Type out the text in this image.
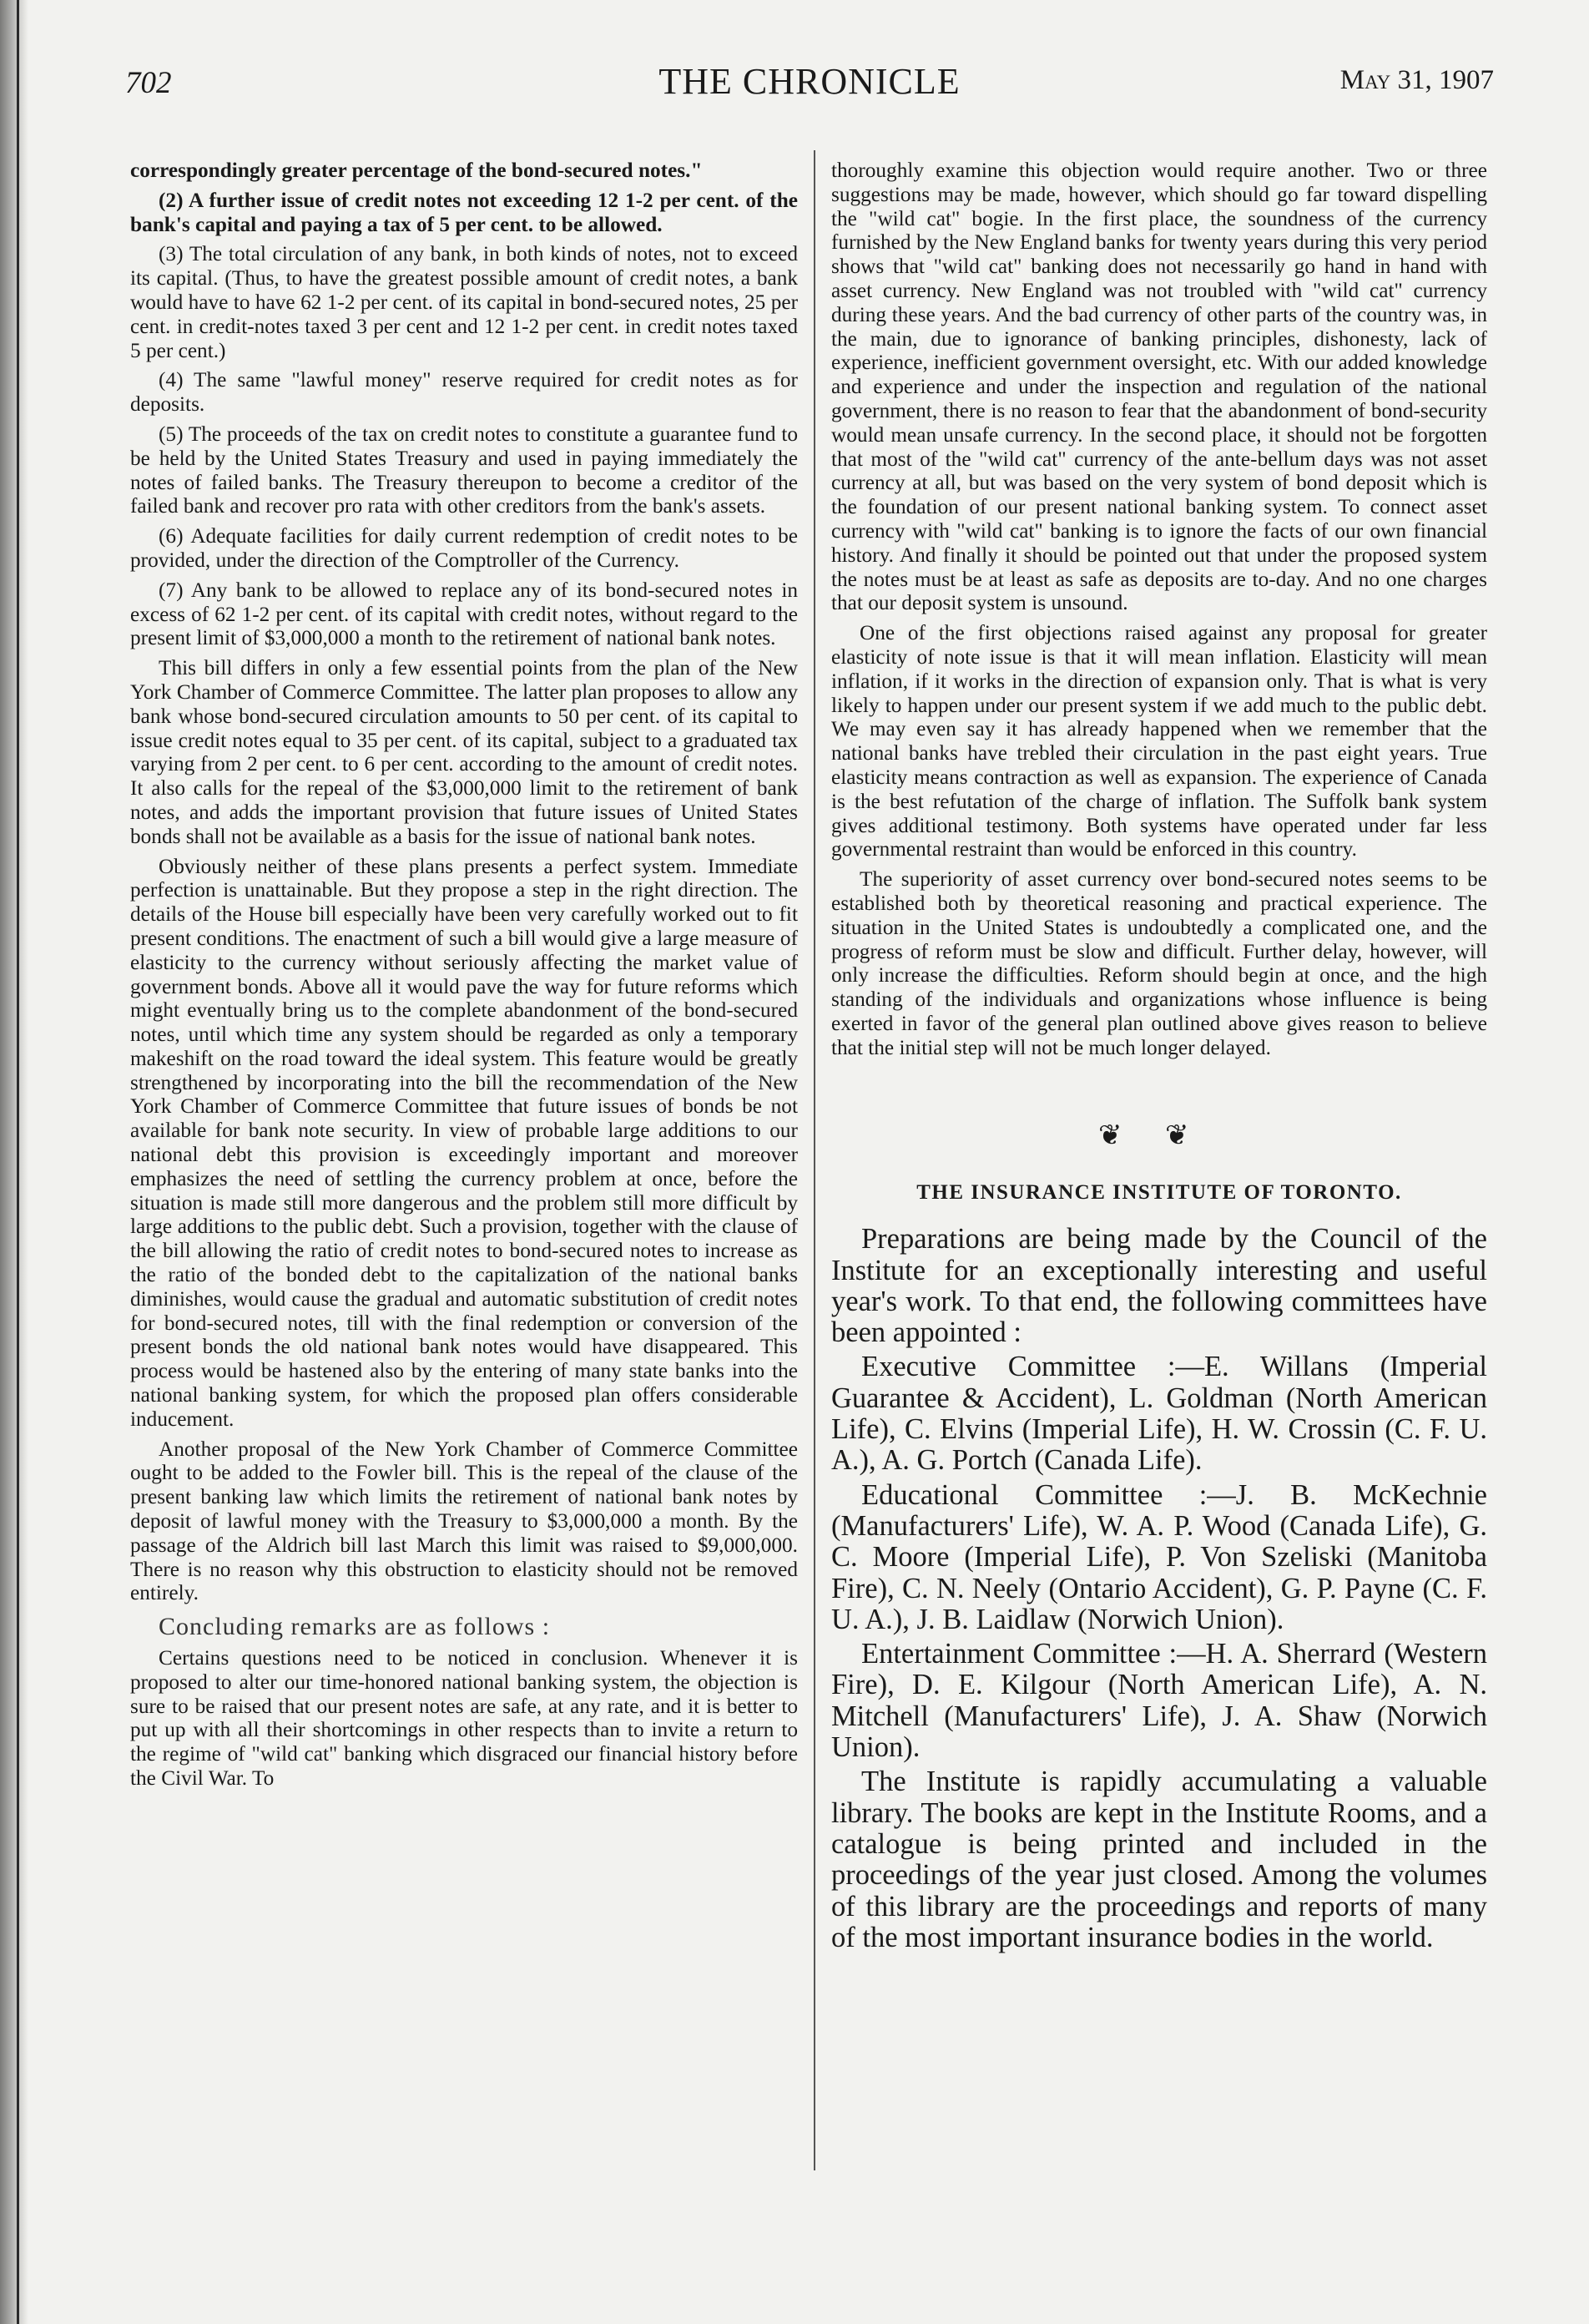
702	THE CHRONICLE	May 31, 1907

correspondingly greater percentage of the bond-secured notes."

(2) A further issue of credit notes not exceeding 12 1-2 per cent. of the bank's capital and paying a tax of 5 per cent. to be allowed.

(3) The total circulation of any bank, in both kinds of notes, not to exceed its capital. (Thus, to have the greatest possible amount of credit notes, a bank would have to have 62 1-2 per cent. of its capital in bond-secured notes, 25 per cent. in credit-notes taxed 3 per cent and 12 1-2 per cent. in credit notes taxed 5 per cent.)

(4) The same "lawful money" reserve required for credit notes as for deposits.

(5) The proceeds of the tax on credit notes to constitute a guarantee fund to be held by the United States Treasury and used in paying immediately the notes of failed banks. The Treasury thereupon to become a creditor of the failed bank and recover pro rata with other creditors from the bank's assets.

(6) Adequate facilities for daily current redemption of credit notes to be provided, under the direction of the Comptroller of the Currency.

(7) Any bank to be allowed to replace any of its bond-secured notes in excess of 62 1-2 per cent. of its capital with credit notes, without regard to the present limit of $3,000,000 a month to the retirement of national bank notes.

This bill differs in only a few essential points from the plan of the New York Chamber of Commerce Committee. The latter plan proposes to allow any bank whose bond-secured circulation amounts to 50 per cent. of its capital to issue credit notes equal to 35 per cent. of its capital, subject to a graduated tax varying from 2 per cent. to 6 per cent. according to the amount of credit notes. It also calls for the repeal of the $3,000,000 limit to the retirement of bank notes, and adds the important provision that future issues of United States bonds shall not be available as a basis for the issue of national bank notes.

Obviously neither of these plans presents a perfect system. Immediate perfection is unattainable. But they propose a step in the right direction. The details of the House bill especially have been very carefully worked out to fit present conditions. The enactment of such a bill would give a large measure of elasticity to the currency without seriously affecting the market value of government bonds. Above all it would pave the way for future reforms which might eventually bring us to the complete abandonment of the bond-secured notes, until which time any system should be regarded as only a temporary makeshift on the road toward the ideal system. This feature would be greatly strengthened by incorporating into the bill the recommendation of the New York Chamber of Commerce Committee that future issues of bonds be not available for bank note security. In view of probable large additions to our national debt this provision is exceedingly important and moreover emphasizes the need of settling the currency problem at once, before the situation is made still more dangerous and the problem still more difficult by large additions to the public debt. Such a provision, together with the clause of the bill allowing the ratio of credit notes to bond-secured notes to increase as the ratio of the bonded debt to the capitalization of the national banks diminishes, would cause the gradual and automatic substitution of credit notes for bond-secured notes, till with the final redemption or conversion of the present bonds the old national bank notes would have disappeared. This process would be hastened also by the entering of many state banks into the national banking system, for which the proposed plan offers considerable inducement.

Another proposal of the New York Chamber of Commerce Committee ought to be added to the Fowler bill. This is the repeal of the clause of the present banking law which limits the retirement of national bank notes by deposit of lawful money with the Treasury to $3,000,000 a month. By the passage of the Aldrich bill last March this limit was raised to $9,000,000. There is no reason why this obstruction to elasticity should not be removed entirely.

Concluding remarks are as follows :

Certains questions need to be noticed in conclusion. Whenever it is proposed to alter our time-honored national banking system, the objection is sure to be raised that our present notes are safe, at any rate, and it is better to put up with all their shortcomings in other respects than to invite a return to the regime of "wild cat" banking which disgraced our financial history before the Civil War. To

thoroughly examine this objection would require another. Two or three suggestions may be made, however, which should go far toward dispelling the "wild cat" bogie. In the first place, the soundness of the currency furnished by the New England banks for twenty years during this very period shows that "wild cat" banking does not necessarily go hand in hand with asset currency. New England was not troubled with "wild cat" currency during these years. And the bad currency of other parts of the country was, in the main, due to ignorance of banking principles, dishonesty, lack of experience, inefficient government oversight, etc. With our added knowledge and experience and under the inspection and regulation of the national government, there is no reason to fear that the abandonment of bond-security would mean unsafe currency. In the second place, it should not be forgotten that most of the "wild cat" currency of the ante-bellum days was not asset currency at all, but was based on the very system of bond deposit which is the foundation of our present national banking system. To connect asset currency with "wild cat" banking is to ignore the facts of our own financial history. And finally it should be pointed out that under the proposed system the notes must be at least as safe as deposits are to-day. And no one charges that our deposit system is unsound.

One of the first objections raised against any proposal for greater elasticity of note issue is that it will mean inflation. Elasticity will mean inflation, if it works in the direction of expansion only. That is what is very likely to happen under our present system if we add much to the public debt. We may even say it has already happened when we remember that the national banks have trebled their circulation in the past eight years. True elasticity means contraction as well as expansion. The experience of Canada is the best refutation of the charge of inflation. The Suffolk bank system gives additional testimony. Both systems have operated under far less governmental restraint than would be enforced in this country.

The superiority of asset currency over bond-secured notes seems to be established both by theoretical reasoning and practical experience. The situation in the United States is undoubtedly a complicated one, and the progress of reform must be slow and difficult. Further delay, however, will only increase the difficulties. Reform should begin at once, and the high standing of the individuals and organizations whose influence is being exerted in favor of the general plan outlined above gives reason to believe that the initial step will not be much longer delayed.

❦ ❦
THE INSURANCE INSTITUTE OF TORONTO.

Preparations are being made by the Council of the Institute for an exceptionally interesting and useful year's work. To that end, the following committees have been appointed :

Executive Committee :—E. Willans (Imperial Guarantee & Accident), L. Goldman (North American Life), C. Elvins (Imperial Life), H. W. Crossin (C. F. U. A.), A. G. Portch (Canada Life).

Educational Committee :—J. B. McKechnie (Manufacturers' Life), W. A. P. Wood (Canada Life), G. C. Moore (Imperial Life), P. Von Szeliski (Manitoba Fire), C. N. Neely (Ontario Accident), G. P. Payne (C. F. U. A.), J. B. Laidlaw (Norwich Union).

Entertainment Committee :—H. A. Sherrard (Western Fire), D. E. Kilgour (North American Life), A. N. Mitchell (Manufacturers' Life), J. A. Shaw (Norwich Union).

The Institute is rapidly accumulating a valuable library. The books are kept in the Institute Rooms, and a catalogue is being printed and included in the proceedings of the year just closed. Among the volumes of this library are the proceedings and reports of many of the most important insurance bodies in the world.
